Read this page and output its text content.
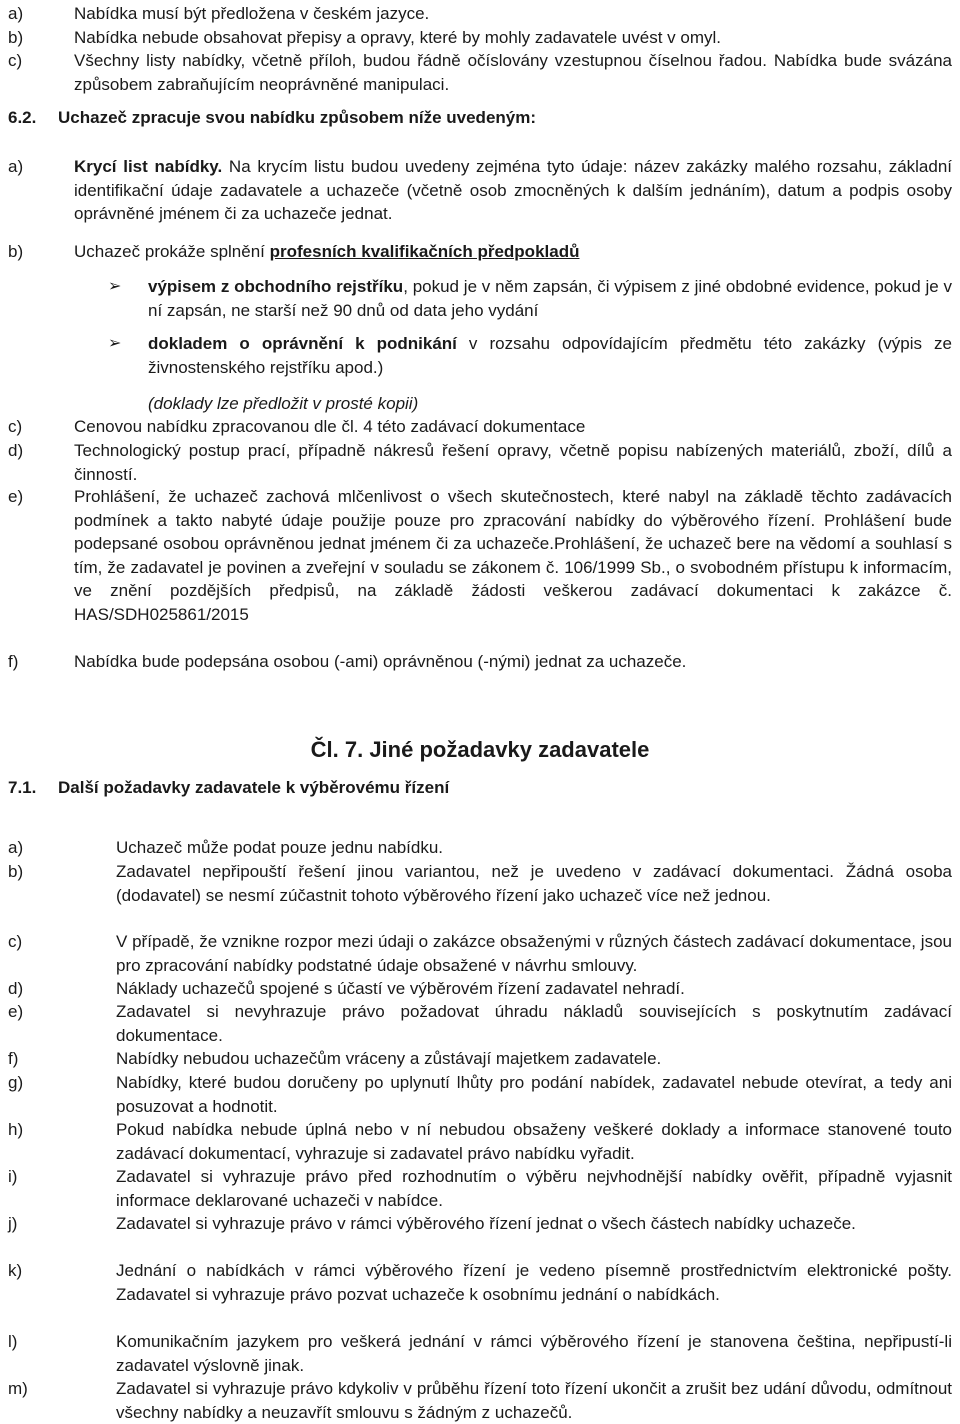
a)	Nabídka musí být předložena v českém jazyce.
b)	Nabídka nebude obsahovat přepisy a opravy, které by mohly zadavatele uvést v omyl.
c)	Všechny listy nabídky, včetně příloh, budou řádně očíslovány vzestupnou číselnou řadou. Nabídka bude svázána způsobem zabraňujícím neoprávněné manipulaci.
6.2. Uchazeč zpracuje svou nabídku způsobem níže uvedeným:
a)	Krycí list nabídky. Na krycím listu budou uvedeny zejména tyto údaje: název zakázky malého rozsahu, základní identifikační údaje zadavatele a uchazeče (včetně osob zmocněných k dalším jednáním), datum a podpis osoby oprávněné jménem či za uchazeče jednat.
b)	Uchazeč prokáže splnění profesních kvalifikačních předpokladů
➢ výpisem z obchodního rejstříku, pokud je v něm zapsán, či výpisem z jiné obdobné evidence, pokud je v ní zapsán, ne starší než 90 dnů od data jeho vydání
➢ dokladem o oprávnění k podnikání v rozsahu odpovídajícím předmětu této zakázky (výpis ze živnostenského rejstříku apod.)
(doklady lze předložit v prosté kopii)
c)	Cenovou nabídku zpracovanou dle čl. 4 této zadávací dokumentace
d)	Technologický postup prací, případně nákresů řešení opravy, včetně popisu nabízených materiálů, zboží, dílů a činností.
e)	Prohlášení, že uchazeč zachová mlčenlivost o všech skutečnostech, které nabyl na základě těchto zadávacích podmínek a takto nabyté údaje použije pouze pro zpracování nabídky do výběrového řízení. Prohlášení bude podepsané osobou oprávněnou jednat jménem či za uchazeče.Prohlášení, že uchazeč bere na vědomí a souhlasí s tím, že zadavatel je povinen a zveřejní v souladu se zákonem č. 106/1999 Sb., o svobodném přístupu k informacím, ve znění pozdějších předpisů, na základě žádosti veškerou zadávací dokumentaci k zakázce č. HAS/SDH025861/2015
f)	Nabídka bude podepsána osobou (-ami) oprávněnou (-nými) jednat za uchazeče.
Čl. 7. Jiné požadavky zadavatele
7.1. Další požadavky zadavatele k výběrovému řízení
a)	Uchazeč může podat pouze jednu nabídku.
b)	Zadavatel nepřipouští řešení jinou variantou, než je uvedeno v zadávací dokumentaci. Žádná osoba (dodavatel) se nesmí zúčastnit tohoto výběrového řízení jako uchazeč více než jednou.
c)	V případě, že vznikne rozpor mezi údaji o zakázce obsaženými v různých částech zadávací dokumentace, jsou pro zpracování nabídky podstatné údaje obsažené v návrhu smlouvy.
d)	Náklady uchazečů spojené s účastí ve výběrovém řízení zadavatel nehradí.
e)	Zadavatel si nevyhrazuje právo požadovat úhradu nákladů souvisejících s poskytnutím zadávací dokumentace.
f)	Nabídky nebudou uchazečům vráceny a zůstávají majetkem zadavatele.
g)	Nabídky, které budou doručeny po uplynutí lhůty pro podání nabídek, zadavatel nebude otevírat, a tedy ani posuzovat a hodnotit.
h)	Pokud nabídka nebude úplná nebo v ní nebudou obsaženy veškeré doklady a informace stanovené touto zadávací dokumentací, vyhrazuje si zadavatel právo nabídku vyřadit.
i)	Zadavatel si vyhrazuje právo před rozhodnutím o výběru nejvhodnější nabídky ověřit, případně vyjasnit informace deklarované uchazeči v nabídce.
j)	Zadavatel si vyhrazuje právo v rámci výběrového řízení jednat o všech částech nabídky uchazeče.
k)	Jednání o nabídkách v rámci výběrového řízení je vedeno písemně prostřednictvím elektronické pošty. Zadavatel si vyhrazuje právo pozvat uchazeče k osobnímu jednání o nabídkách.
l)	Komunikačním jazykem pro veškerá jednání v rámci výběrového řízení je stanovena čeština, nepřipustí-li zadavatel výslovně jinak.
m)	Zadavatel si vyhrazuje právo kdykoliv v průběhu řízení toto řízení ukončit a zrušit bez udání důvodu, odmítnout všechny nabídky a neuzavřít smlouvu s žádným z uchazečů.
